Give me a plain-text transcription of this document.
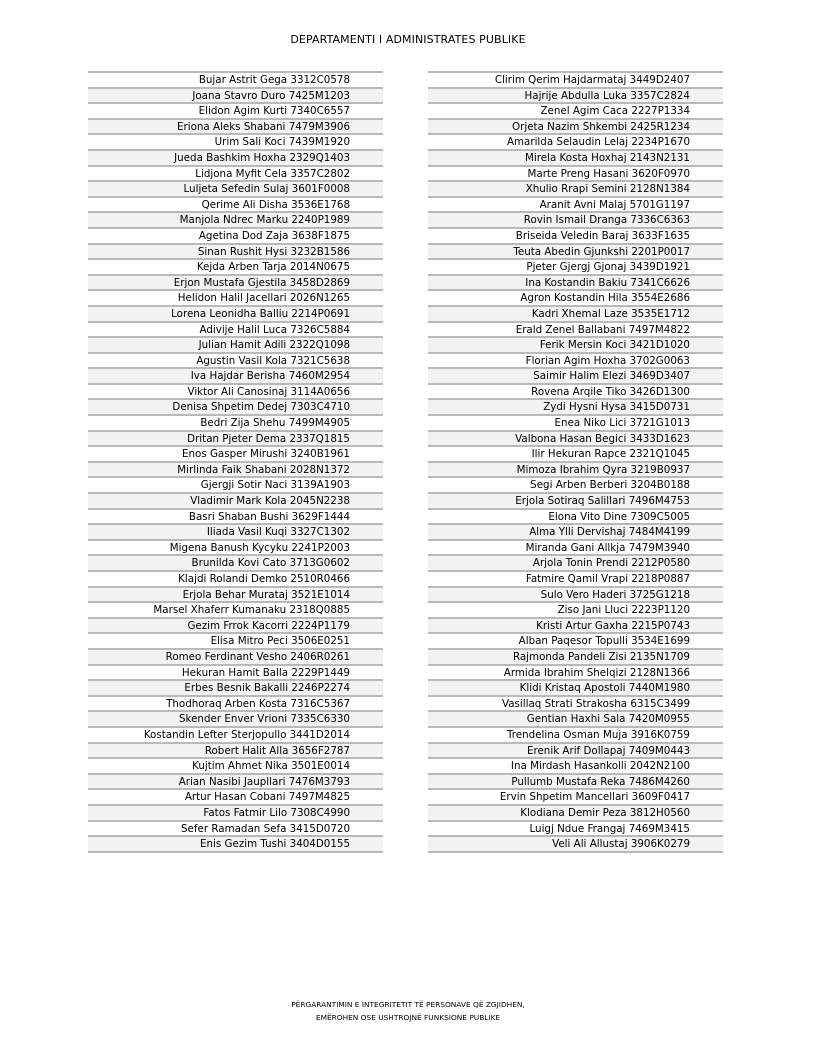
DEPARTAMENTI I ADMINISTRATES PUBLIKE
Bujar Astrit Gega 3312C0578
Joana Stavro Duro 7425M1203
Elidon Agim Kurti 7340C6557
Eriona Aleks Shabani 7479M3906
Urim Sali Koci 7439M1920
Jueda Bashkim Hoxha 2329Q1403
Lidjona Myfit Cela 3357C2802
Luljeta Sefedin Sulaj 3601F0008
Qerime Ali Disha 3536E1768
Manjola Ndrec Marku 2240P1989
Agetina Dod Zaja 3638F1875
Sinan Rushit Hysi 3232B1586
Kejda Arben Tarja 2014N0675
Erjon Mustafa Gjestila 3458D2869
Helidon Halil Jacellari 2026N1265
Lorena Leonidha Balliu 2214P0691
Adivije Halil Luca 7326C5884
Julian Hamit Adili 2322Q1098
Agustin Vasil Kola 7321C5638
Iva Hajdar Berisha 7460M2954
Viktor Ali Canosinaj 3114A0656
Denisa Shpetim Dedej 7303C4710
Bedri Zija Shehu 7499M4905
Dritan Pjeter Dema 2337Q1815
Enos Gasper Mirushi 3240B1961
Mirlinda Faik Shabani 2028N1372
Gjergji Sotir Naci 3139A1903
Vladimir Mark Kola 2045N2238
Basri Shaban Bushi 3629F1444
Iliada Vasil Kuqi 3327C1302
Migena Banush Kycyku 2241P2003
Brunilda Kovi Cato 3713G0602
Klajdi Rolandi Demko 2510R0466
Erjola Behar Murataj 3521E1014
Marsel Xhaferr Kumanaku 2318Q0885
Gezim Frrok Kacorri 2224P1179
Elisa Mitro Peci 3506E0251
Romeo Ferdinant Vesho 2406R0261
Hekuran Hamit Balla 2229P1449
Erbes Besnik Bakalli 2246P2274
Thodhoraq Arben Kosta 7316C5367
Skender Enver Vrioni 7335C6330
Kostandin Lefter Sterjopullo 3441D2014
Robert Halit Alla 3656F2787
Kujtim Ahmet Nika 3501E0014
Arian Nasibi Jaupllari 7476M3793
Artur Hasan Cobani 7497M4825
Fatos Fatmir Lilo 7308C4990
Sefer Ramadan Sefa 3415D0720
Enis Gezim Tushi 3404D0155
Clirim Qerim Hajdarmataj 3449D2407
Hajrije Abdulla Luka 3357C2824
Zenel Agim Caca 2227P1334
Orjeta Nazim Shkembi 2425R1234
Amarilda Selaudin Lelaj 2234P1670
Mirela Kosta Hoxhaj 2143N2131
Marte Preng Hasani 3620F0970
Xhulio Rrapi Semini 2128N1384
Aranit Avni Malaj 5701G1197
Rovin Ismail Dranga 7336C6363
Briseida Veledin Baraj 3633F1635
Teuta Abedin Gjunkshi 2201P0017
Pjeter Gjergj Gjonaj 3439D1921
Ina Kostandin Bakiu 7341C6626
Agron Kostandin Hila 3554E2686
Kadri Xhemal Laze 3535E1712
Erald Zenel Ballabani 7497M4822
Ferik Mersin Koci 3421D1020
Florian Agim Hoxha 3702G0063
Saimir Halim Elezi 3469D3407
Rovena Arqile Tiko 3426D1300
Zydi Hysni Hysa 3415D0731
Enea Niko Lici 3721G1013
Valbona Hasan Begici 3433D1623
Ilir Hekuran Rapce 2321Q1045
Mimoza Ibrahim Qyra 3219B0937
Segi Arben Berberi 3204B0188
Erjola Sotiraq Salillari 7496M4753
Elona Vito Dine 7309C5005
Alma Ylli Dervishaj 7484M4199
Miranda Gani Allkja 7479M3940
Arjola Tonin Prendi 2212P0580
Fatmire Qamil Vrapi 2218P0887
Sulo Vero Haderi 3725G1218
Ziso Jani Lluci 2223P1120
Kristi Artur Gaxha 2215P0743
Alban Paqesor Topulli 3534E1699
Rajmonda Pandeli Zisi 2135N1709
Armida Ibrahim Shelqizi 2128N1366
Klidi Kristaq Apostoli 7440M1980
Vasillaq Strati Strakosha 6315C3499
Gentian Haxhi Sala 7420M0955
Trendelina Osman Muja 3916K0759
Erenik Arif Dollapaj 7409M0443
Ina Mirdash Hasankolli 2042N2100
Pullumb Mustafa Reka 7486M4260
Ervin Shpetim Mancellari 3609F0417
Klodiana Demir Peza 3812H0560
Luigj Ndue Frangaj 7469M3415
Veli Ali Allustaj 3906K0279
PËRGARANTIMIN E INTEGRITETIT TË PERSONAVE QË ZGJIDHEN,
EMËROHEN OSE USHTROJNË FUNKSIONE PUBLIKE
